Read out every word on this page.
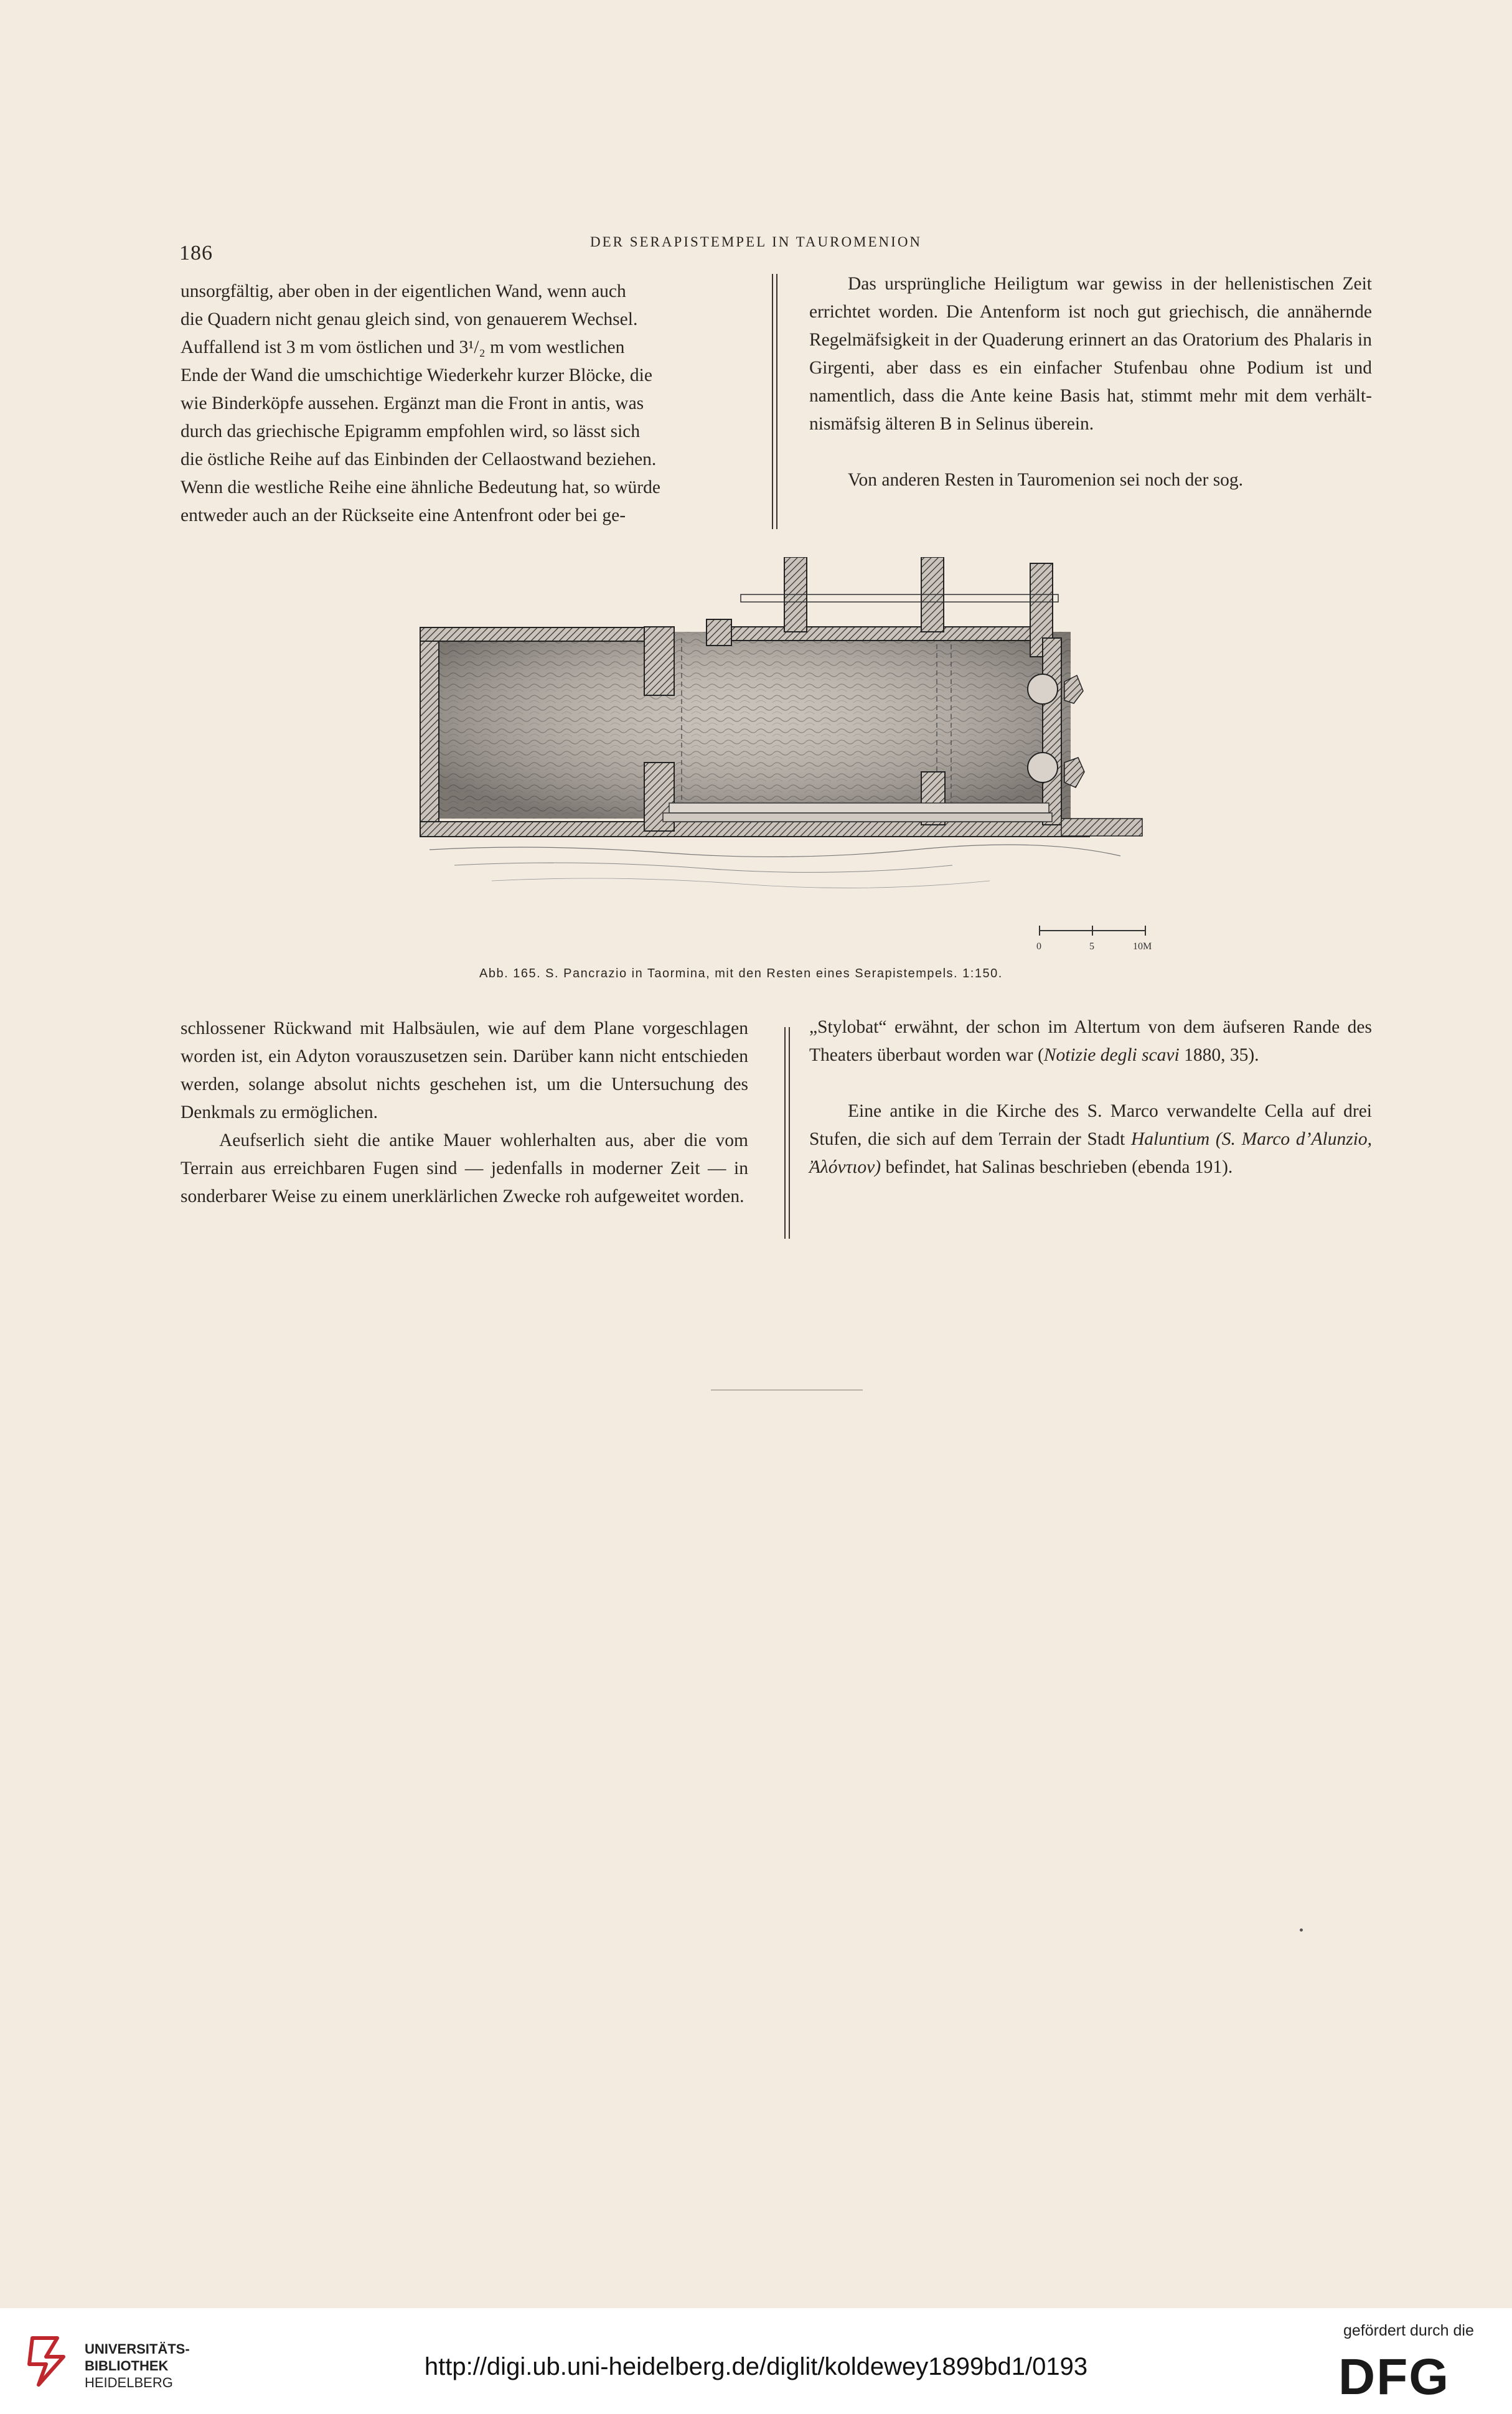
186	DER SERAPISTEMPEL IN TAUROMENION
unsorgfältig, aber oben in der eigentlichen Wand, wenn auch
die Quadern nicht genau gleich sind, von genauerem Wechsel.
Auffallend ist 3 m vom östlichen und 3¹/₂ m vom westlichen
Ende der Wand die umschichtige Wiederkehr kurzer Blöcke, die
wie Binderköpfe aussehen. Ergänzt man die Front in antis, was
durch das griechische Epigramm empfohlen wird, so lässt sich
die östliche Reihe auf das Einbinden der Cellaostwand beziehen.
Wenn die westliche Reihe eine ähnliche Bedeutung hat, so würde
entweder auch an der Rückseite eine Antenfront oder bei ge-

Das ursprüngliche Heiligtum war gewiss in der hellenistischen Zeit errichtet worden. Die Antenform ist noch gut griechisch, die annähernde Regelmäfsigkeit in der Quaderung erinnert an das Oratorium des Phalaris in Girgenti, aber dass es ein einfacher Stufenbau ohne Podium ist und namentlich, dass die Ante keine Basis hat, stimmt mehr mit dem verhältnismäfsig älteren B in Selinus überein.

Von anderen Resten in Tauromenion sei noch der sog.

0	5	10M
Abb. 165. S. Pancrazio in Taormina, mit den Resten eines Serapistempels. 1:150.

schlossener Rückwand mit Halbsäulen, wie auf dem Plane vorgeschlagen worden ist, ein Adyton vorauszusetzen sein. Darüber kann nicht entschieden werden, solange absolut nichts geschehen ist, um die Untersuchung des Denkmals zu ermöglichen.

Aeufserlich sieht die antike Mauer wohlerhalten aus, aber die vom Terrain aus erreichbaren Fugen sind — jedenfalls in moderner Zeit — in sonderbarer Weise zu einem unerklärlichen Zwecke roh aufgeweitet worden.

„Stylobat“ erwähnt, der schon im Altertum von dem äufseren Rande des Theaters überbaut worden war (Notizie degli scavi 1880, 35).

Eine antike in die Kirche des S. Marco verwandelte Cella auf drei Stufen, die sich auf dem Terrain der Stadt Haluntium (S. Marco d’Alunzio, Ἀλόντιον) befindet, hat Salinas beschrieben (ebenda 191).

UNIVERSITÄTS-
BIBLIOTHEK
HEIDELBERG
http://digi.ub.uni-heidelberg.de/diglit/koldewey1899bd1/0193
gefördert durch die
DFG
